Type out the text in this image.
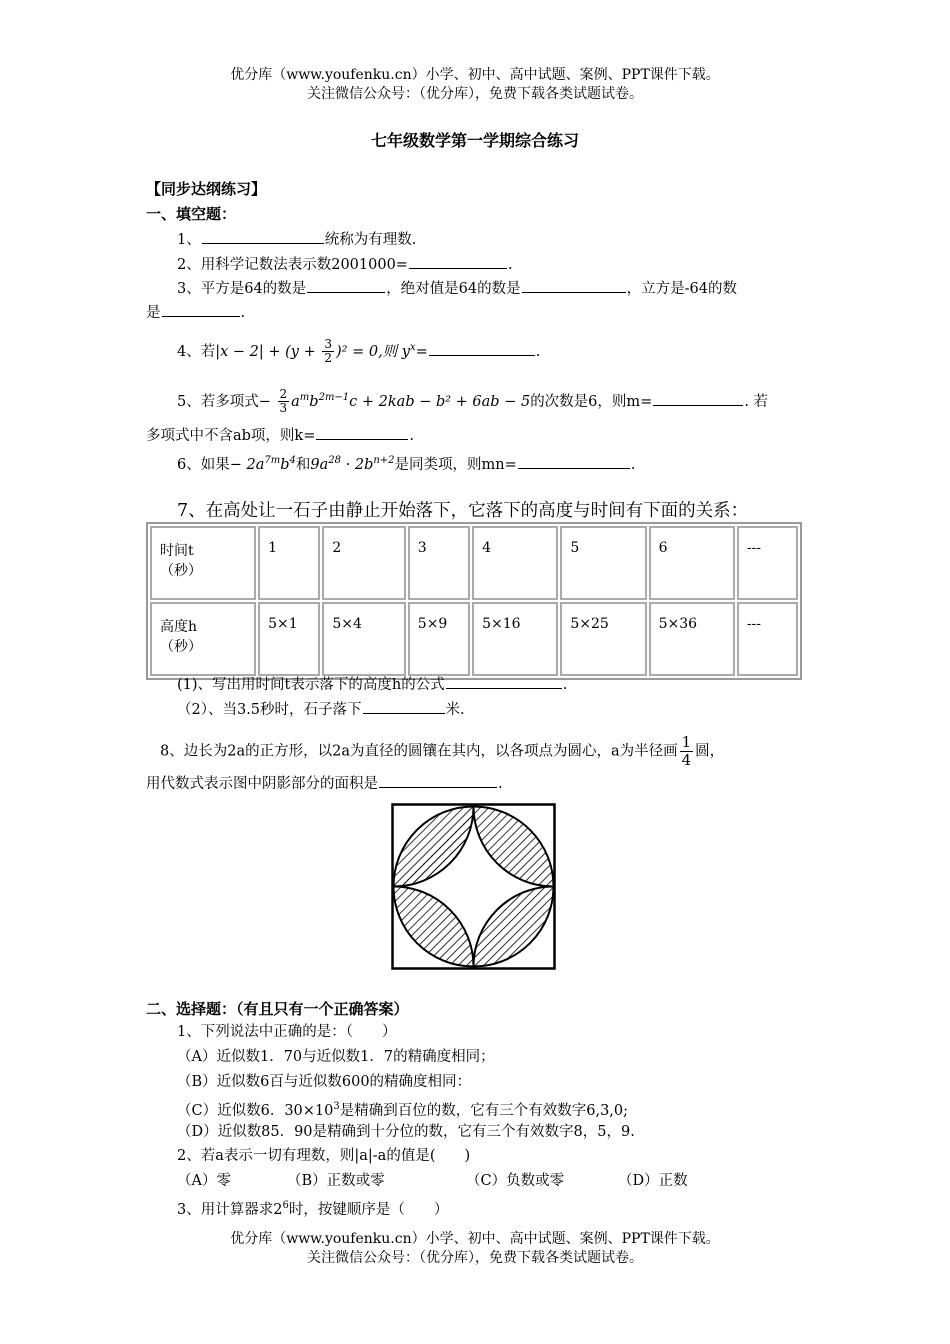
优分库（www.youfenku.cn）小学、初中、高中试题、案例、PPT课件下载。
关注微信公众号：（优分库），免费下载各类试题试卷。
七年级数学第一学期综合练习
【同步达纲练习】
一、填空题：
1、	统称为有理数.
2、用科学记数法表示数2001000=	.
3、平方是64的数是	，绝对值是64的数是	，立方是-64的数
是	.
4、若$|x - 2| + (y + \frac{3}{2} )^2 = 0$,则 $y^x=$	.
5、若多项式− $\frac{2}{3} a^mb^{2m-1}c + 2kab - b^2 + 6ab - 5$的次数是6，则m=	. 若
多项式中不含ab项，则k=	.
6、如果− $2a^{7m}b^4$和$9a^{28} \cdot 2b^{n+2}$是同类项，则mn=	.
7、在高处让一石子由静止开始落下，它落下的高度与时间有下面的关系：
时间t
（秒）	1	2	3	4	5	6	---
高度h
（秒）	5×1	5×4	5×9	5×16	5×25	5×36	---
(1)、写出用时间t表示落下的高度h的公式	.
（2）、当3.5秒时，石子落下	米.
8、边长为2a的正方形，以2a为直径的圆镶在其内，以各项点为圆心，a为半径画 $\frac{1}{4}$ 圆，
用代数式表示图中阴影部分的面积是	.
二、选择题：（有且只有一个正确答案）
1、下列说法中正确的是：（　　）
（A）近似数1．70与近似数1．7的精确度相同；
（B）近似数6百与近似数600的精确度相同：
（C）近似数6．$30\times 10^3$是精确到百位的数，它有三个有效数字6,3,0;
（D）近似数85．90是精确到十分位的数，它有三个有效数字8，5，9.
2、若a表示一切有理数，则|a|-a的值是(　　)
（A）零	（B）正数或零	（C）负数或零	（D）正数
3、用计算器求$2^6$时，按键顺序是（　　）
优分库（www.youfenku.cn）小学、初中、高中试题、案例、PPT课件下载。
关注微信公众号：（优分库），免费下载各类试题试卷。
